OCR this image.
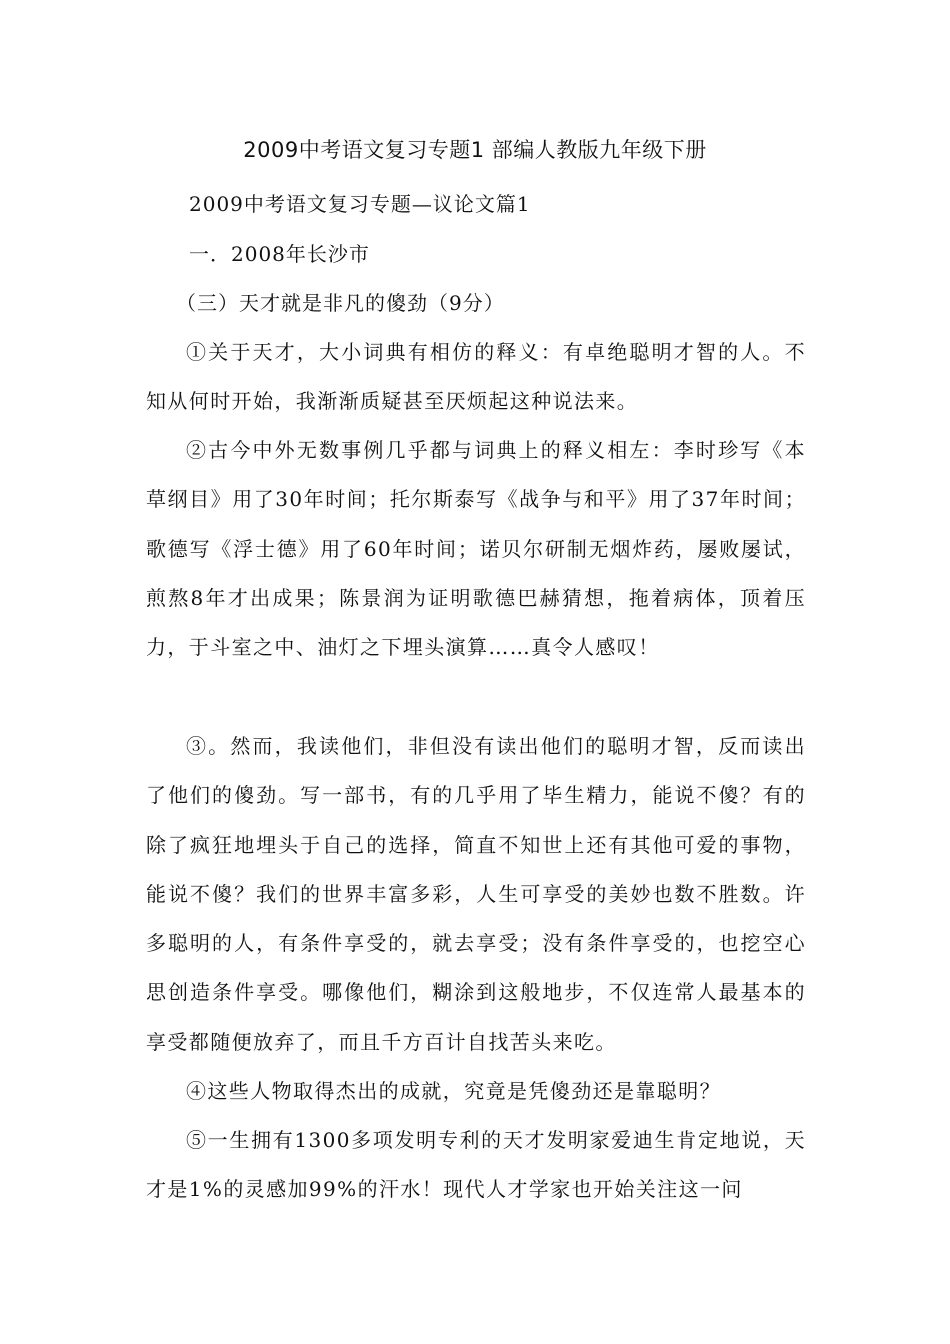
2009中考语文复习专题1 部编人教版九年级下册
2009中考语文复习专题—议论文篇1
一．2008年长沙市
（三）天才就是非凡的傻劲（9分）

①关于天才，大小词典有相仿的释义：有卓绝聪明才智的人。不知从何时开始，我渐渐质疑甚至厌烦起这种说法来。

②古今中外无数事例几乎都与词典上的释义相左：李时珍写《本草纲目》用了30年时间；托尔斯泰写《战争与和平》用了37年时间；歌德写《浮士德》用了60年时间；诺贝尔研制无烟炸药，屡败屡试，煎熬8年才出成果；陈景润为证明歌德巴赫猜想，拖着病体，顶着压力，于斗室之中、油灯之下埋头演算……真令人感叹！

③。然而，我读他们，非但没有读出他们的聪明才智，反而读出了他们的傻劲。写一部书，有的几乎用了毕生精力，能说不傻？有的除了疯狂地埋头于自己的选择，简直不知世上还有其他可爱的事物，能说不傻？我们的世界丰富多彩，人生可享受的美妙也数不胜数。许多聪明的人，有条件享受的，就去享受；没有条件享受的，也挖空心思创造条件享受。哪像他们，糊涂到这般地步，不仅连常人最基本的享受都随便放弃了，而且千方百计自找苦头来吃。

④这些人物取得杰出的成就，究竟是凭傻劲还是靠聪明？

⑤一生拥有1300多项发明专利的天才发明家爱迪生肯定地说，天才是1%的灵感加99%的汗水！现代人才学家也开始关注这一问
